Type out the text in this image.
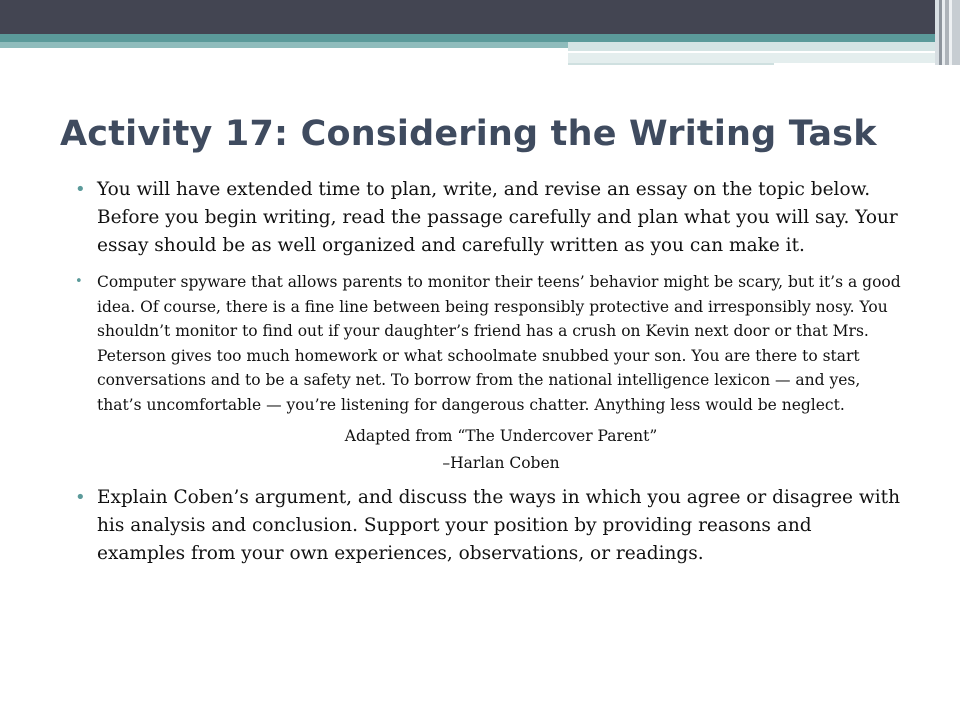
Activity 17: Considering the Writing Task
• You will have extended time to plan, write, and revise an essay on the topic below. Before you begin writing, read the passage carefully and plan what you will say. Your essay should be as well organized and carefully written as you can make it.
• Computer spyware that allows parents to monitor their teens’ behavior might be scary, but it’s a good idea. Of course, there is a fine line between being responsibly protective and irresponsibly nosy. You shouldn’t monitor to find out if your daughter’s friend has a crush on Kevin next door or that Mrs. Peterson gives too much homework or what schoolmate snubbed your son. You are there to start conversations and to be a safety net. To borrow from the national intelligence lexicon — and yes, that’s uncomfortable — you’re listening for dangerous chatter. Anything less would be neglect.
Adapted from “The Undercover Parent”
–Harlan Coben
• Explain Coben’s argument, and discuss the ways in which you agree or disagree with his analysis and conclusion. Support your position by providing reasons and examples from your own experiences, observations, or readings.
